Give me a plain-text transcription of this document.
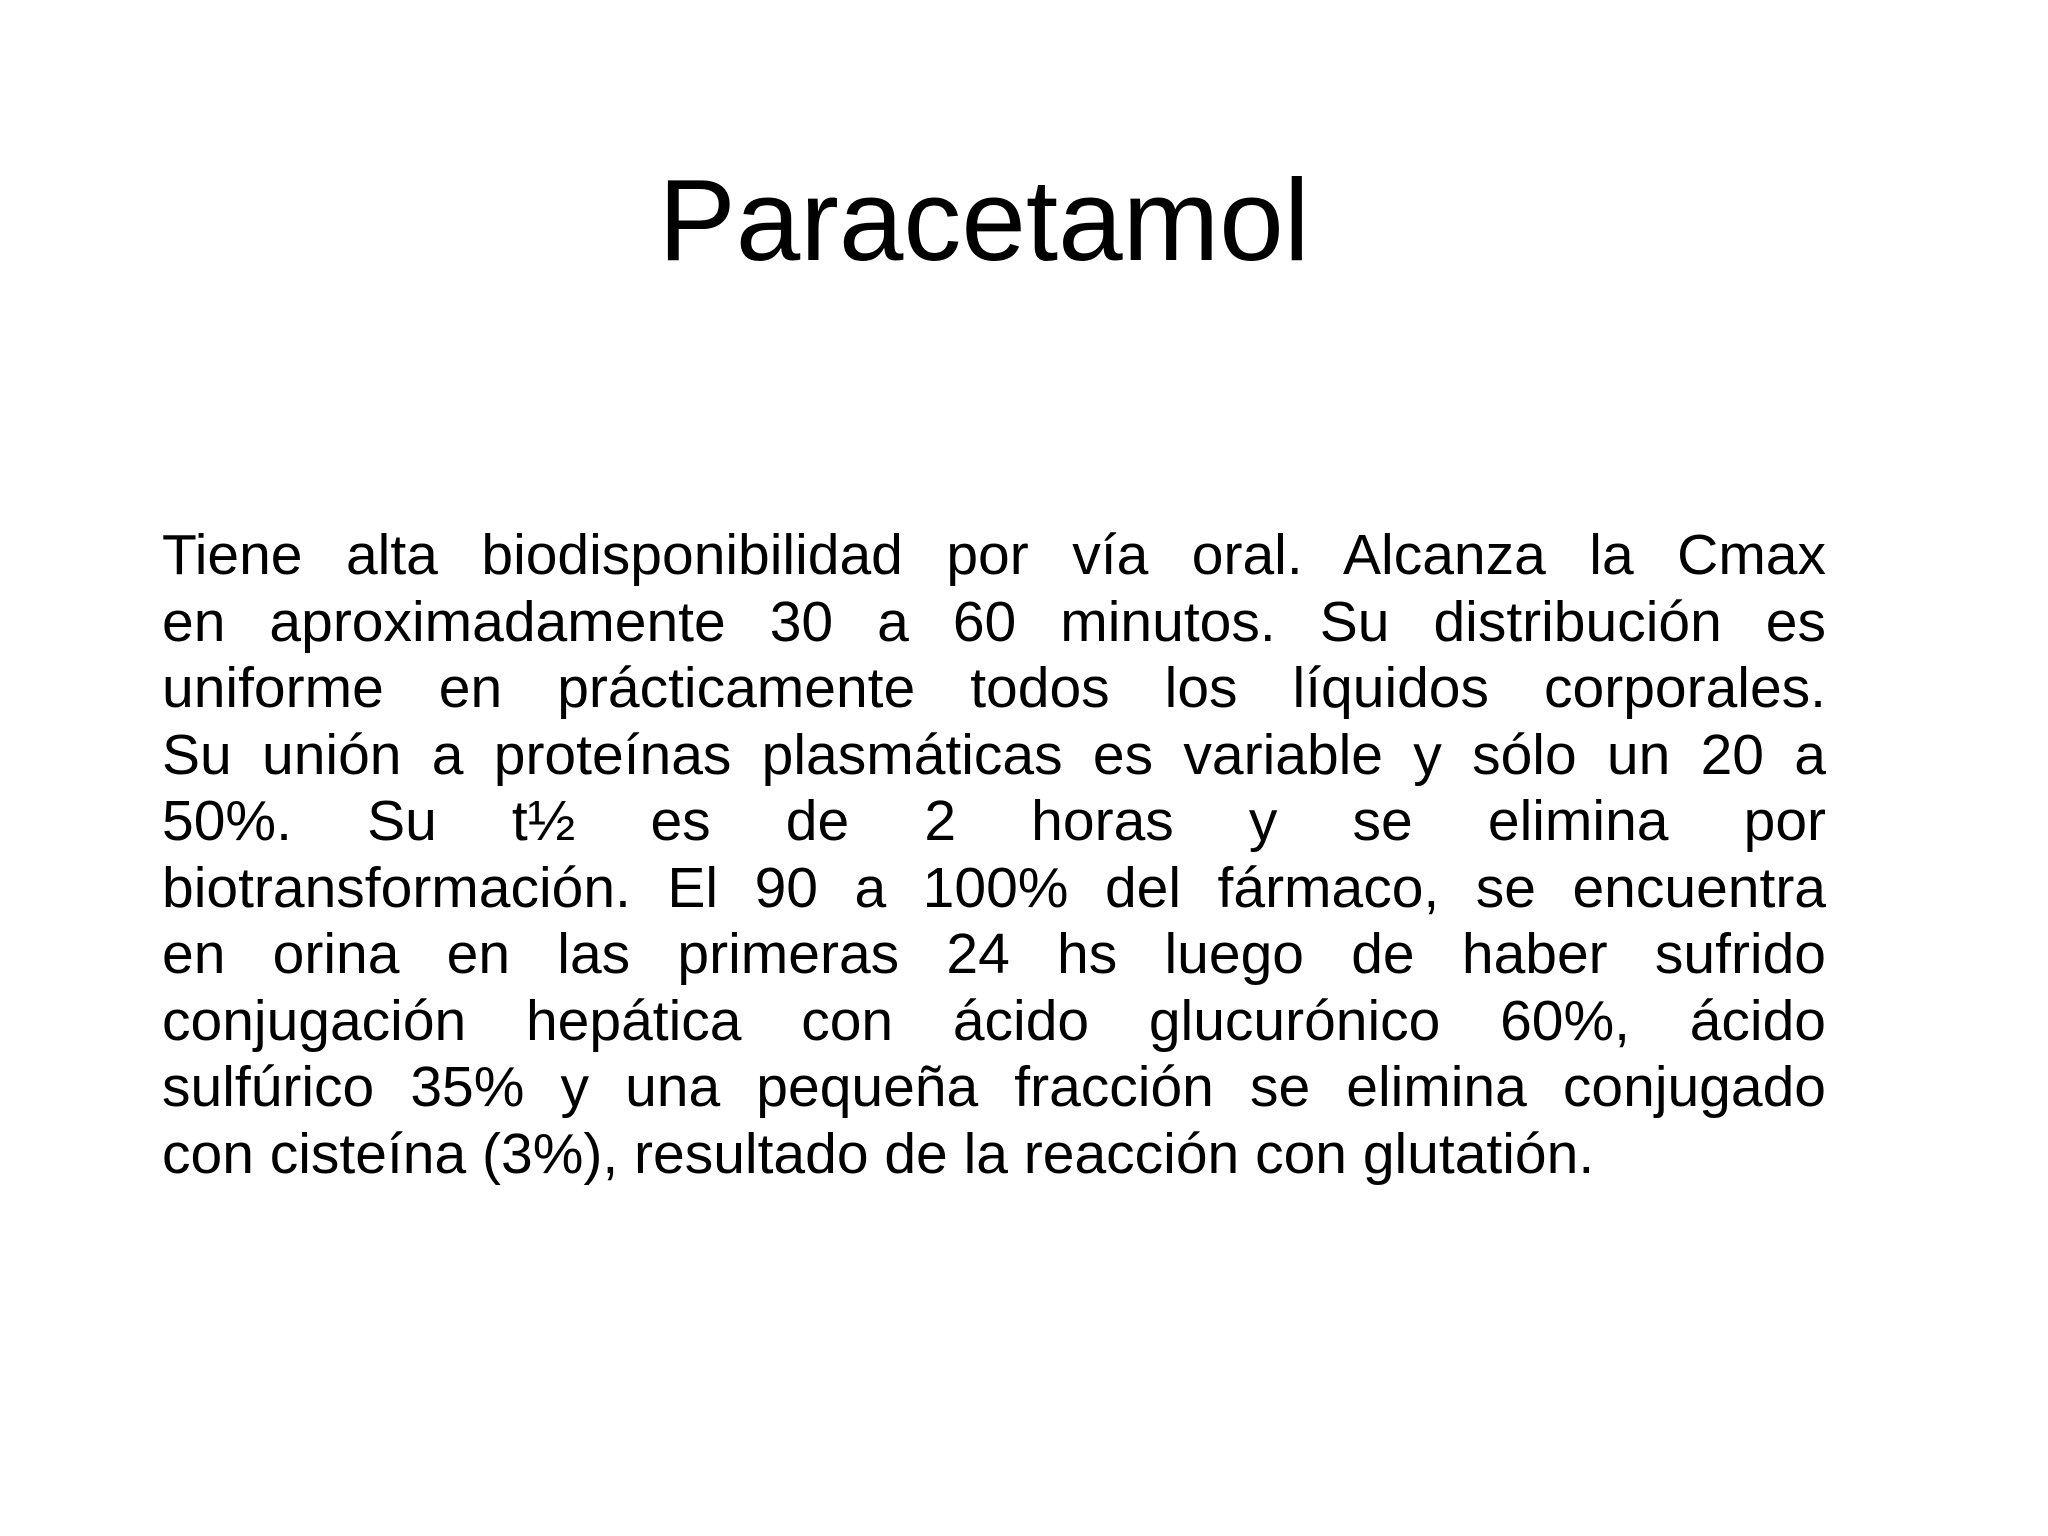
Paracetamol
Tiene alta biodisponibilidad por vía oral. Alcanza la Cmax
en aproximadamente 30 a 60 minutos. Su distribución es
uniforme en prácticamente todos los líquidos corporales.
Su unión a proteínas plasmáticas es variable y sólo un 20 a
50%. Su t½ es de 2 horas y se elimina por
biotransformación. El 90 a 100% del fármaco, se encuentra
en orina en las primeras 24 hs luego de haber sufrido
conjugación hepática con ácido glucurónico 60%, ácido
sulfúrico 35% y una pequeña fracción se elimina conjugado
con cisteína (3%), resultado de la reacción con glutatión.
